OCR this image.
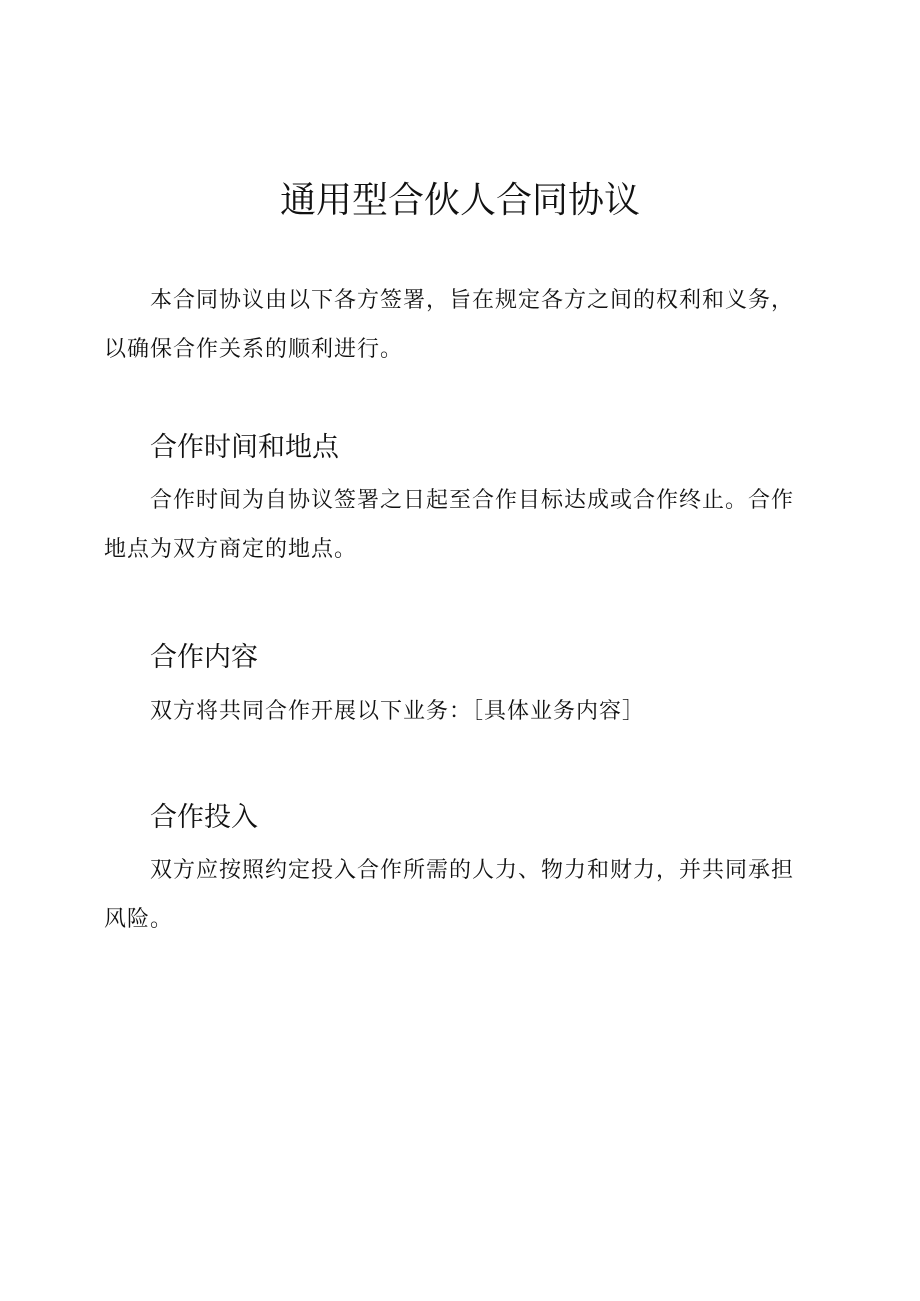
通用型合伙人合同协议

本合同协议由以下各方签署，旨在规定各方之间的权利和义务，以确保合作关系的顺利进行。

合作时间和地点

合作时间为自协议签署之日起至合作目标达成或合作终止。合作地点为双方商定的地点。

合作内容

双方将共同合作开展以下业务：［具体业务内容］

合作投入

双方应按照约定投入合作所需的人力、物力和财力，并共同承担风险。
